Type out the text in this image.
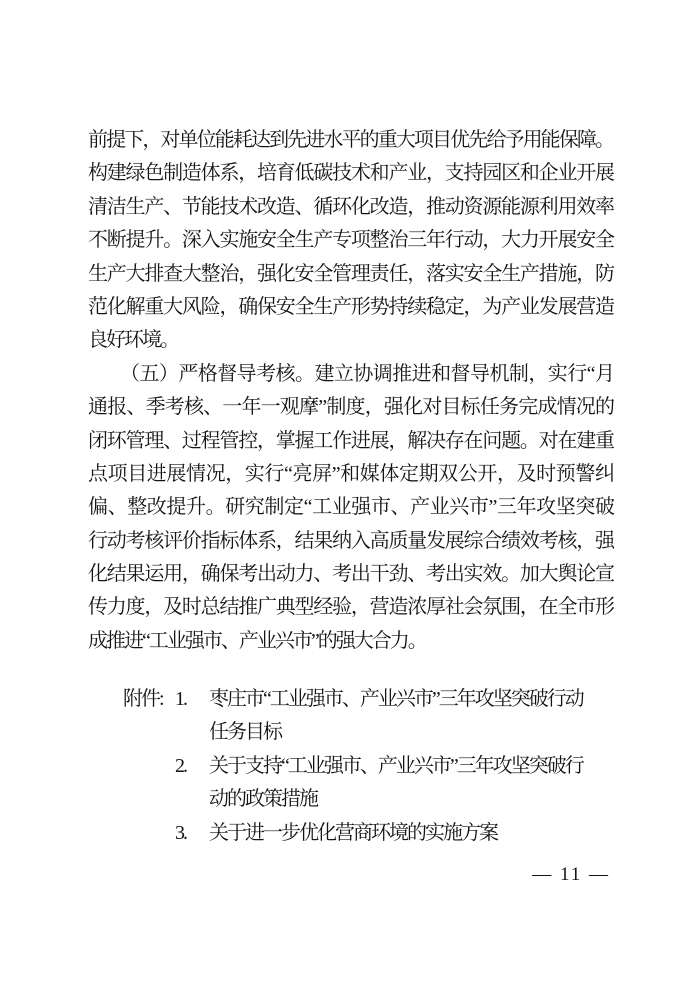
前提下，对单位能耗达到先进水平的重大项目优先给予用能保障。
构建绿色制造体系，培育低碳技术和产业，支持园区和企业开展
清洁生产、节能技术改造、循环化改造，推动资源能源利用效率
不断提升。深入实施安全生产专项整治三年行动，大力开展安全
生产大排查大整治，强化安全管理责任，落实安全生产措施，防
范化解重大风险，确保安全生产形势持续稳定，为产业发展营造
良好环境。
（五）严格督导考核。建立协调推进和督导机制，实行“月
通报、季考核、一年一观摩”制度，强化对目标任务完成情况的
闭环管理、过程管控，掌握工作进展，解决存在问题。对在建重
点项目进展情况，实行“亮屏”和媒体定期双公开，及时预警纠
偏、整改提升。研究制定“工业强市、产业兴市”三年攻坚突破
行动考核评价指标体系，结果纳入高质量发展综合绩效考核，强
化结果运用，确保考出动力、考出干劲、考出实效。加大舆论宣
传力度，及时总结推广典型经验，营造浓厚社会氛围，在全市形
成推进“工业强市、产业兴市”的强大合力。
附件: 1.	枣庄市“工业强市、产业兴市”三年攻坚突破行动
任务目标
2.	关于支持“工业强市、产业兴市”三年攻坚突破行
动的政策措施
3.	关于进一步优化营商环境的实施方案
— 11 —
